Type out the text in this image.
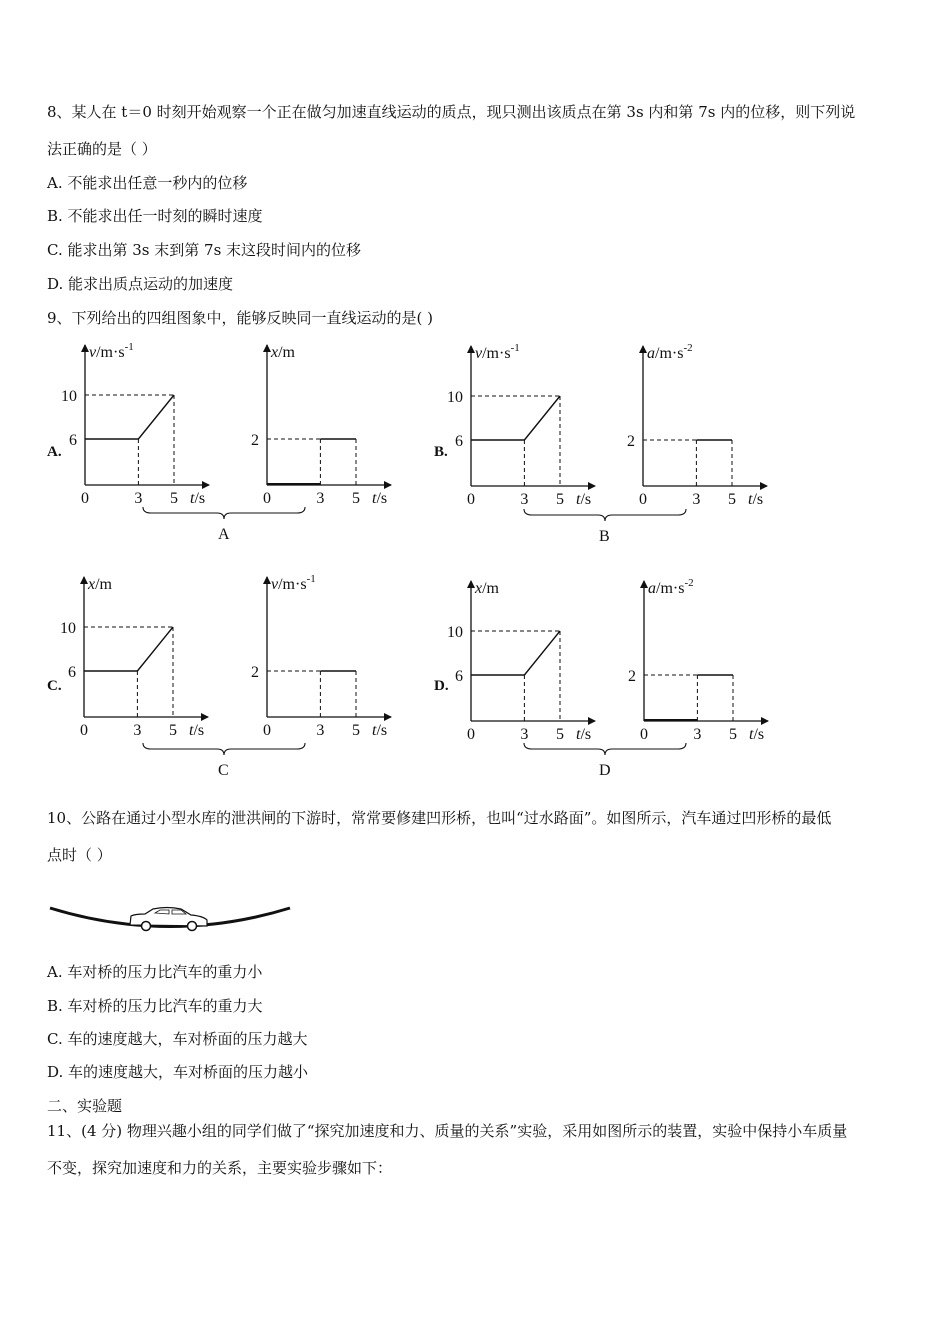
8、某人在 t＝0 时刻开始观察一个正在做匀加速直线运动的质点，现只测出该质点在第 3s 内和第 7s 内的位移，则下列说
法正确的是（ ）
A. 不能求出任意一秒内的位移
B. 不能求出任一时刻的瞬时速度
C. 能求出第 3s 末到第 7s 末这段时间内的位移
D. 能求出质点运动的加速度
9、下列给出的四组图象中，能够反映同一直线运动的是( )
10
6
$v/m\cdot s^{-1}$
0	3 5 t/s
A.
2
x/m
0	3 5 t/s
A
10
6
$v/m\cdot s^{-1}$
0	3 5 t/s
B.
2
$a/m\cdot s^{-2}$
0	3 5 t/s
B
10
6
x/m
0	3 5 t/s
C.
2
$v/m\cdot s^{-1}$
0	3 5 t/s
C
10
6
x/m
0	3 5 t/s
D.
2
$a/m\cdot s^{-2}$
0	3 5 t/s
D
10、公路在通过小型水库的泄洪闸的下游时，常常要修建凹形桥，也叫“过水路面”。如图所示，汽车通过凹形桥的最低
点时（ ）
A. 车对桥的压力比汽车的重力小
B. 车对桥的压力比汽车的重力大
C. 车的速度越大，车对桥面的压力越大
D. 车的速度越大，车对桥面的压力越小
二、实验题
11、(4 分) 物理兴趣小组的同学们做了“探究加速度和力、质量的关系”实验，采用如图所示的装置，实验中保持小车质量
不变，探究加速度和力的关系，主要实验步骤如下：
